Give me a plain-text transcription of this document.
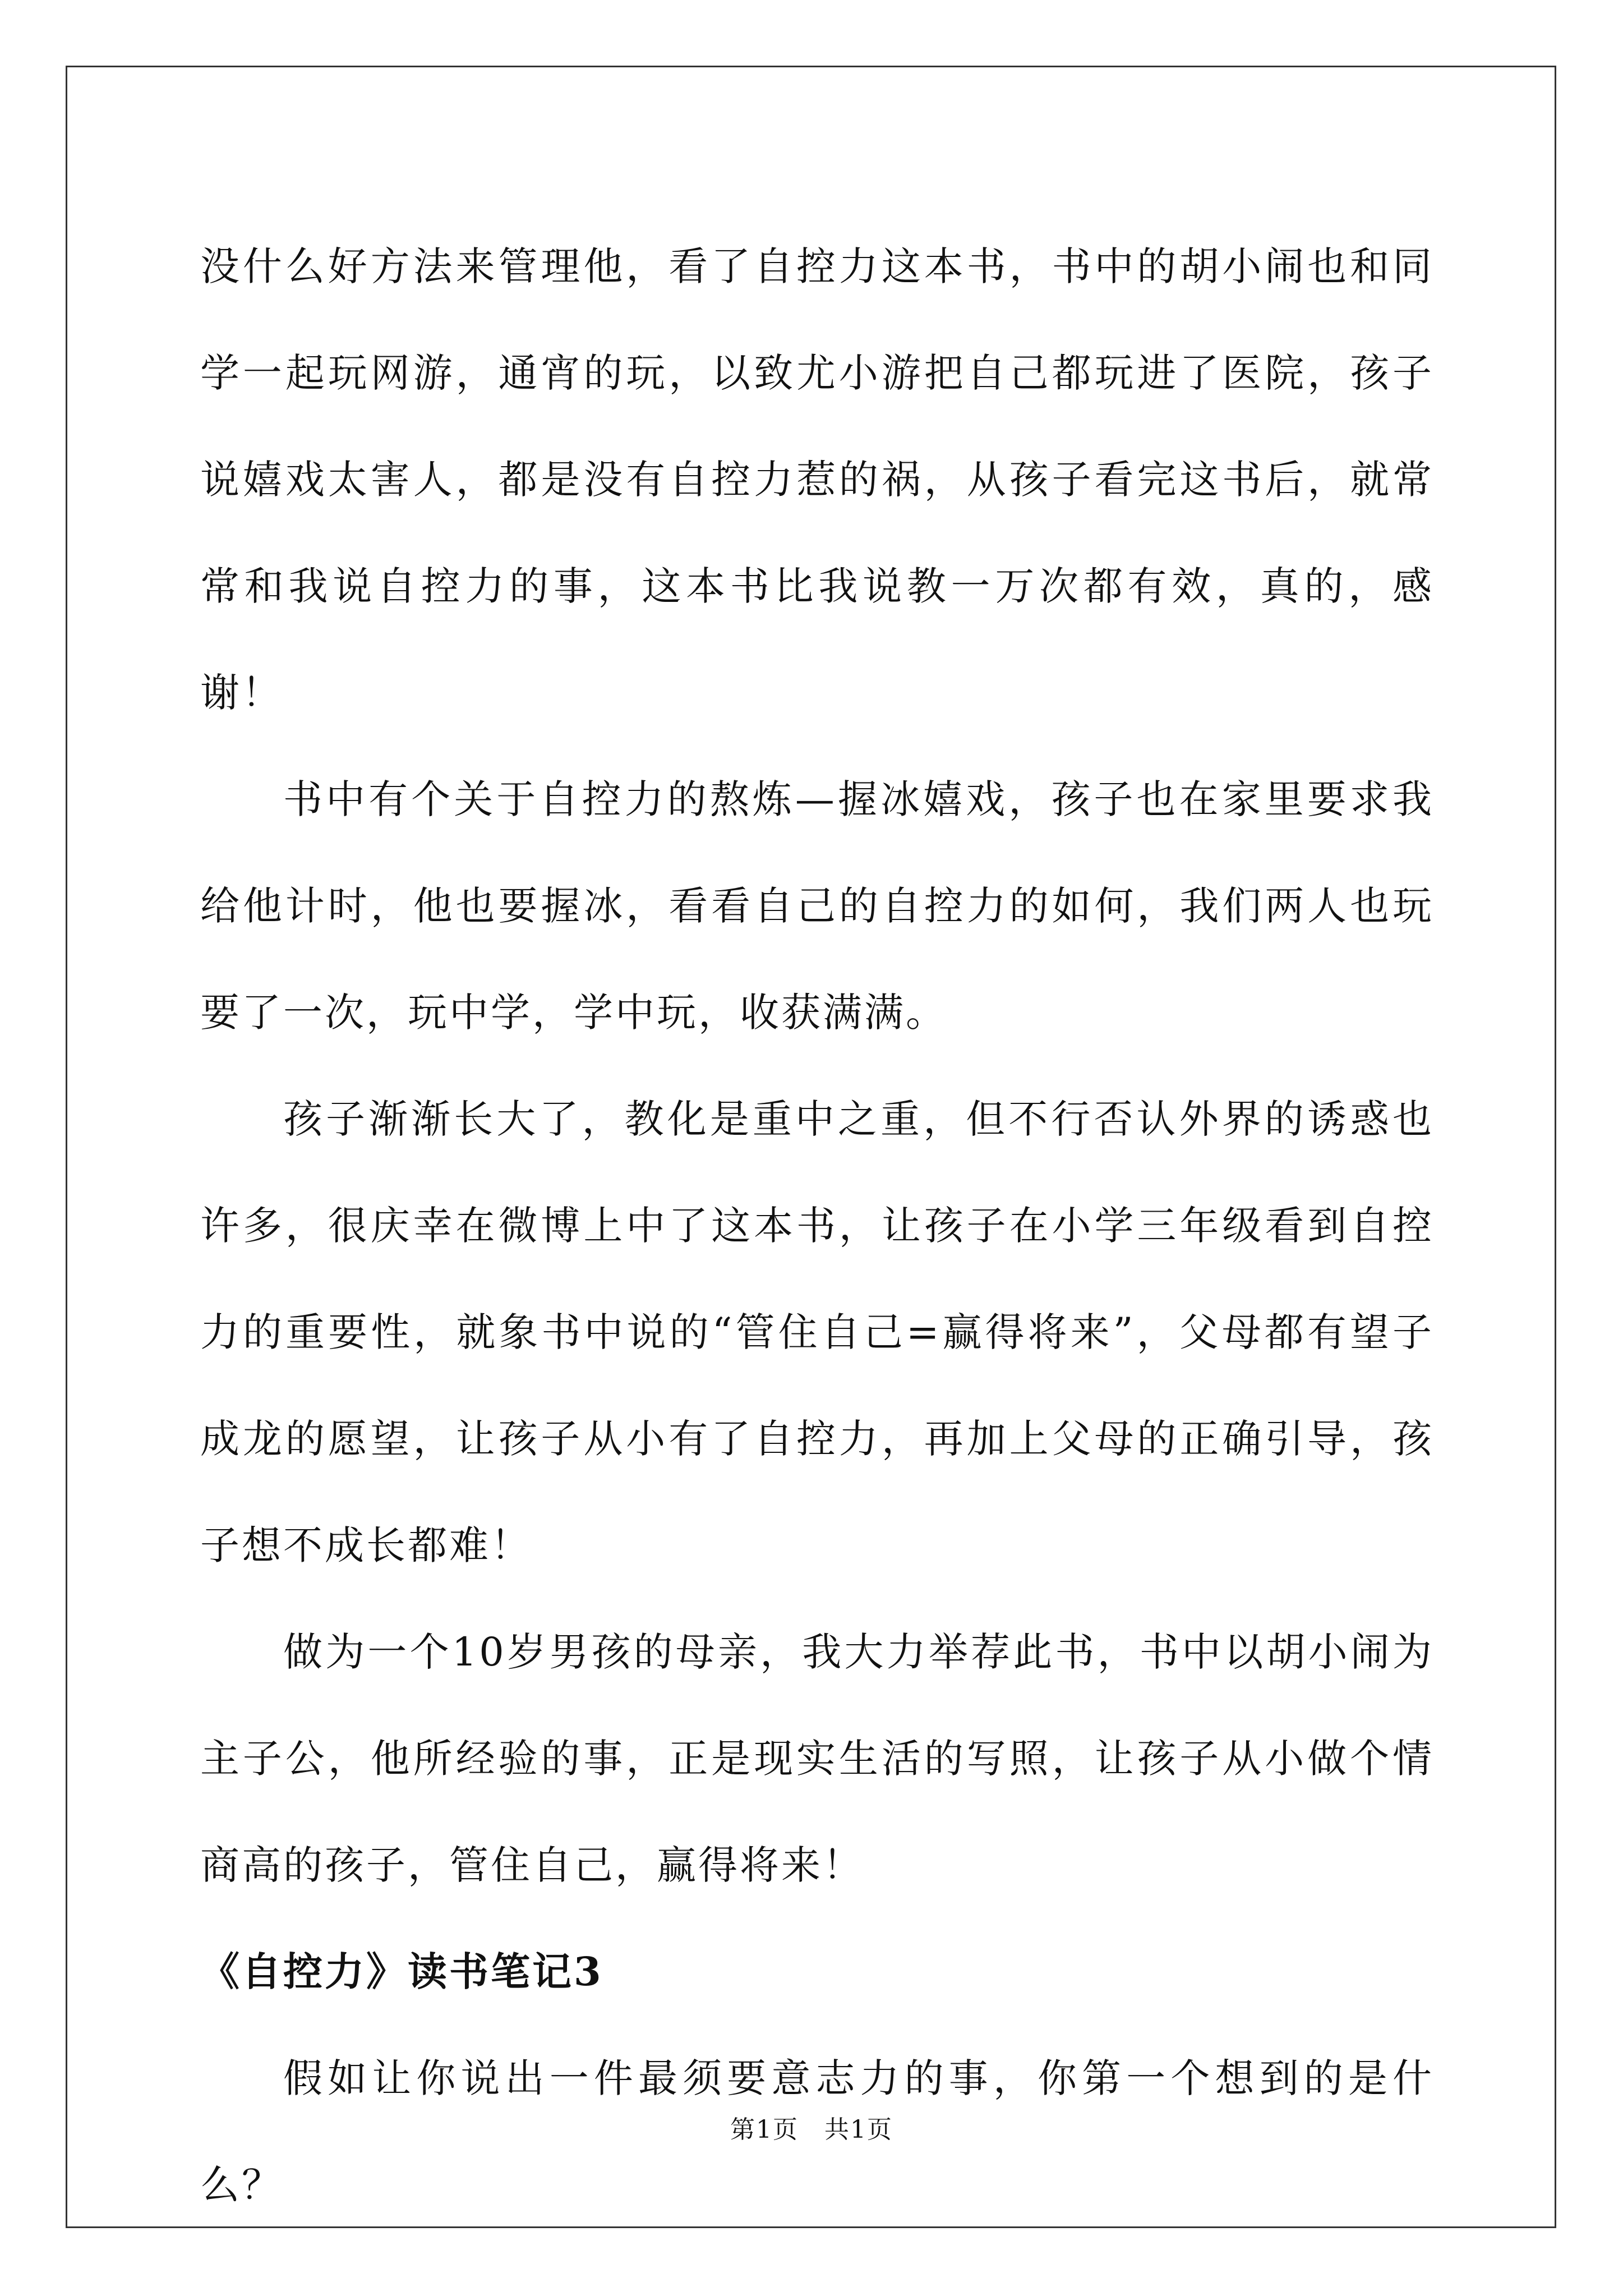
没什么好方法来管理他，看了自控力这本书，书中的胡小闹也和同学一起玩网游，通宵的玩，以致尤小游把自己都玩进了医院，孩子说嬉戏太害人，都是没有自控力惹的祸，从孩子看完这书后，就常常和我说自控力的事，这本书比我说教一万次都有效，真的，感谢！

书中有个关于自控力的熬炼—握冰嬉戏，孩子也在家里要求我给他计时，他也要握冰，看看自己的自控力的如何，我们两人也玩要了一次，玩中学，学中玩，收获满满。

孩子渐渐长大了，教化是重中之重，但不行否认外界的诱惑也许多，很庆幸在微博上中了这本书，让孩子在小学三年级看到自控力的重要性，就象书中说的“管住自己=赢得将来”，父母都有望子成龙的愿望，让孩子从小有了自控力，再加上父母的正确引导，孩子想不成长都难！

做为一个10岁男孩的母亲，我大力举荐此书，书中以胡小闹为主子公，他所经验的事，正是现实生活的写照，让孩子从小做个情商高的孩子，管住自己，赢得将来！

《自控力》读书笔记3

假如让你说出一件最须要意志力的事，你第一个想到的是什么？

第1页　共1页
